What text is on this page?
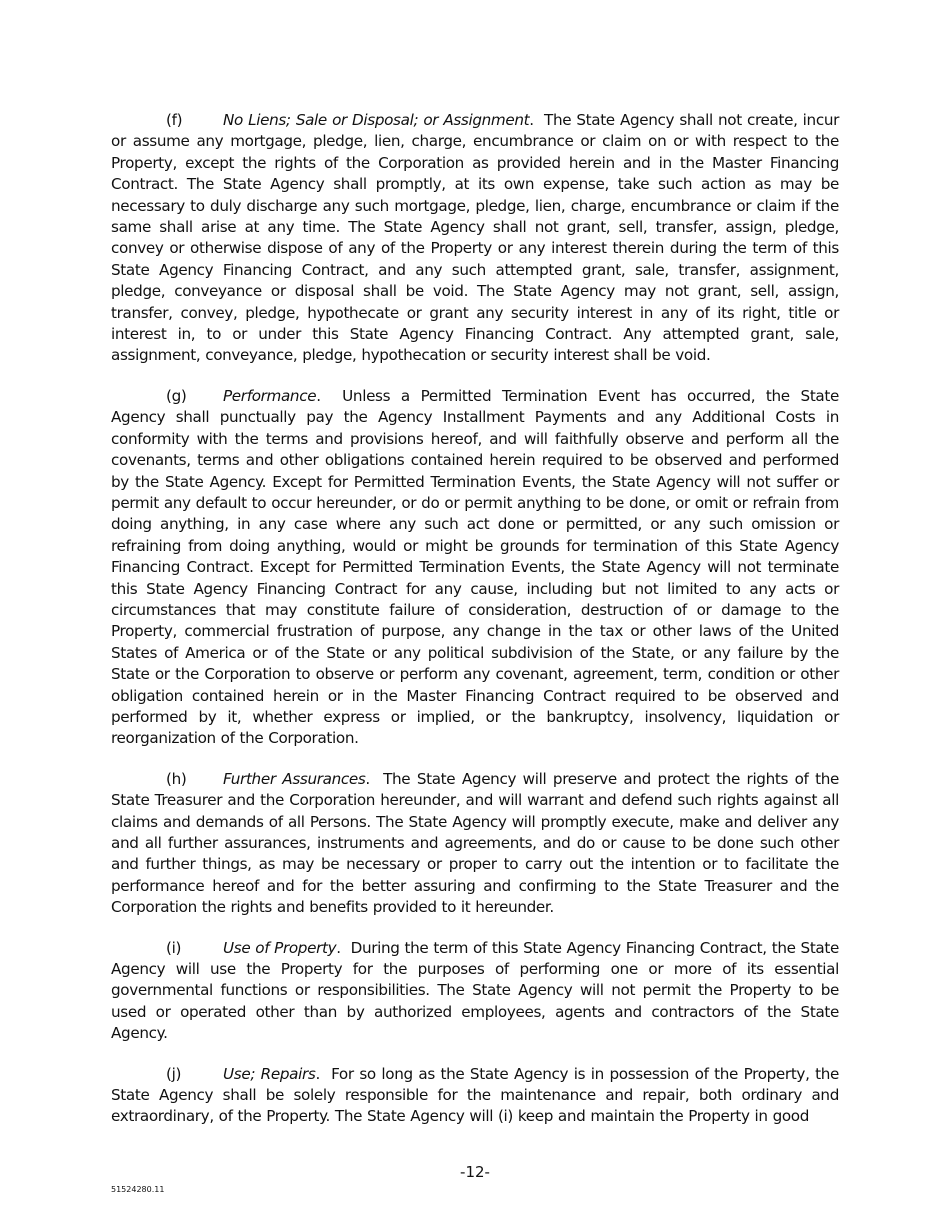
(f)	No Liens; Sale or Disposal; or Assignment.  The State Agency shall not create, incur or assume any mortgage, pledge, lien, charge, encumbrance or claim on or with respect to the Property, except the rights of the Corporation as provided herein and in the Master Financing Contract. The State Agency shall promptly, at its own expense, take such action as may be necessary to duly discharge any such mortgage, pledge, lien, charge, encumbrance or claim if the same shall arise at any time. The State Agency shall not grant, sell, transfer, assign, pledge, convey or otherwise dispose of any of the Property or any interest therein during the term of this State Agency Financing Contract, and any such attempted grant, sale, transfer, assignment, pledge, conveyance or disposal shall be void. The State Agency may not grant, sell, assign, transfer, convey, pledge, hypothecate or grant any security interest in any of its right, title or interest in, to or under this State Agency Financing Contract. Any attempted grant, sale, assignment, conveyance, pledge, hypothecation or security interest shall be void.

(g) Performance.  Unless a Permitted Termination Event has occurred, the State Agency shall punctually pay the Agency Installment Payments and any Additional Costs in conformity with the terms and provisions hereof, and will faithfully observe and perform all the covenants, terms and other obligations contained herein required to be observed and performed by the State Agency. Except for Permitted Termination Events, the State Agency will not suffer or permit any default to occur hereunder, or do or permit anything to be done, or omit or refrain from doing anything, in any case where any such act done or permitted, or any such omission or refraining from doing anything, would or might be grounds for termination of this State Agency Financing Contract. Except for Permitted Termination Events, the State Agency will not terminate this State Agency Financing Contract for any cause, including but not limited to any acts or circumstances that may constitute failure of consideration, destruction of or damage to the Property, commercial frustration of purpose, any change in the tax or other laws of the United States of America or of the State or any political subdivision of the State, or any failure by the State or the Corporation to observe or perform any covenant, agreement, term, condition or other obligation contained herein or in the Master Financing Contract required to be observed and performed by it, whether express or implied, or the bankruptcy, insolvency, liquidation or reorganization of the Corporation.

(h) Further Assurances.  The State Agency will preserve and protect the rights of the State Treasurer and the Corporation hereunder, and will warrant and defend such rights against all claims and demands of all Persons. The State Agency will promptly execute, make and deliver any and all further assurances, instruments and agreements, and do or cause to be done such other and further things, as may be necessary or proper to carry out the intention or to facilitate the performance hereof and for the better assuring and confirming to the State Treasurer and the Corporation the rights and benefits provided to it hereunder.

(i)	Use of Property.  During the term of this State Agency Financing Contract, the State Agency will use the Property for the purposes of performing one or more of its essential governmental functions or responsibilities. The State Agency will not permit the Property to be used or operated other than by authorized employees, agents and contractors of the State Agency.

(j)	Use; Repairs.  For so long as the State Agency is in possession of the Property, the State Agency shall be solely responsible for the maintenance and repair, both ordinary and extraordinary, of the Property. The State Agency will (i) keep and maintain the Property in good

-12-
51524280.11
